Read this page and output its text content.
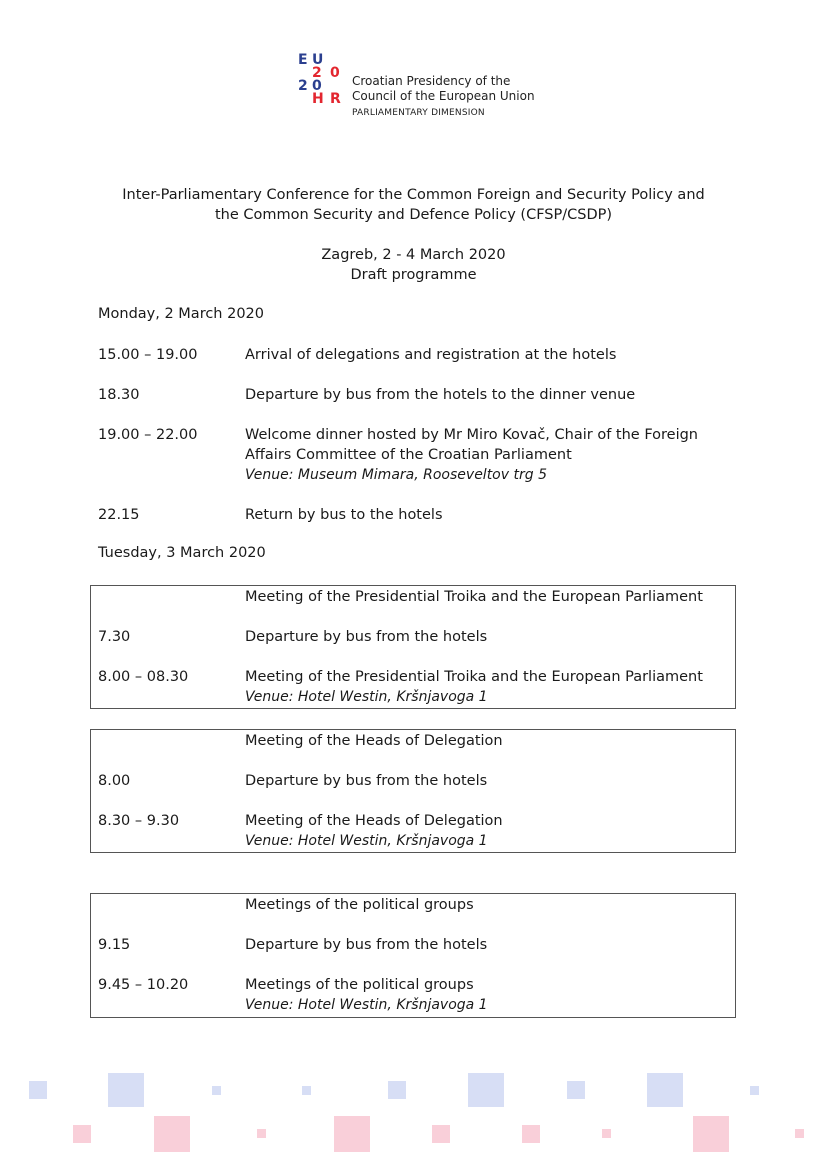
E U
2 0
2 0
H R
Croatian Presidency of the
Council of the European Union
PARLIAMENTARY DIMENSION
Inter-Parliamentary Conference for the Common Foreign and Security Policy and
the Common Security and Defence Policy (CFSP/CSDP)
Zagreb, 2 - 4 March 2020
Draft programme
Monday, 2 March 2020
15.00 – 19.00	Arrival of delegations and registration at the hotels
18.30	Departure by bus from the hotels to the dinner venue
19.00 – 22.00	Welcome dinner hosted by Mr Miro Kovač, Chair of the Foreign Affairs Committee of the Croatian Parliament
Venue: Museum Mimara, Rooseveltov trg 5
22.15	Return by bus to the hotels
Tuesday, 3 March 2020
Meeting of the Presidential Troika and the European Parliament
7.30	Departure by bus from the hotels
8.00 – 08.30	Meeting of the Presidential Troika and the European Parliament
Venue: Hotel Westin, Kršnjavoga 1
Meeting of the Heads of Delegation
8.00	Departure by bus from the hotels
8.30 – 9.30	Meeting of the Heads of Delegation
Venue: Hotel Westin, Kršnjavoga 1
Meetings of the political groups
9.15	Departure by bus from the hotels
9.45 – 10.20	Meetings of the political groups
Venue: Hotel Westin, Kršnjavoga 1
